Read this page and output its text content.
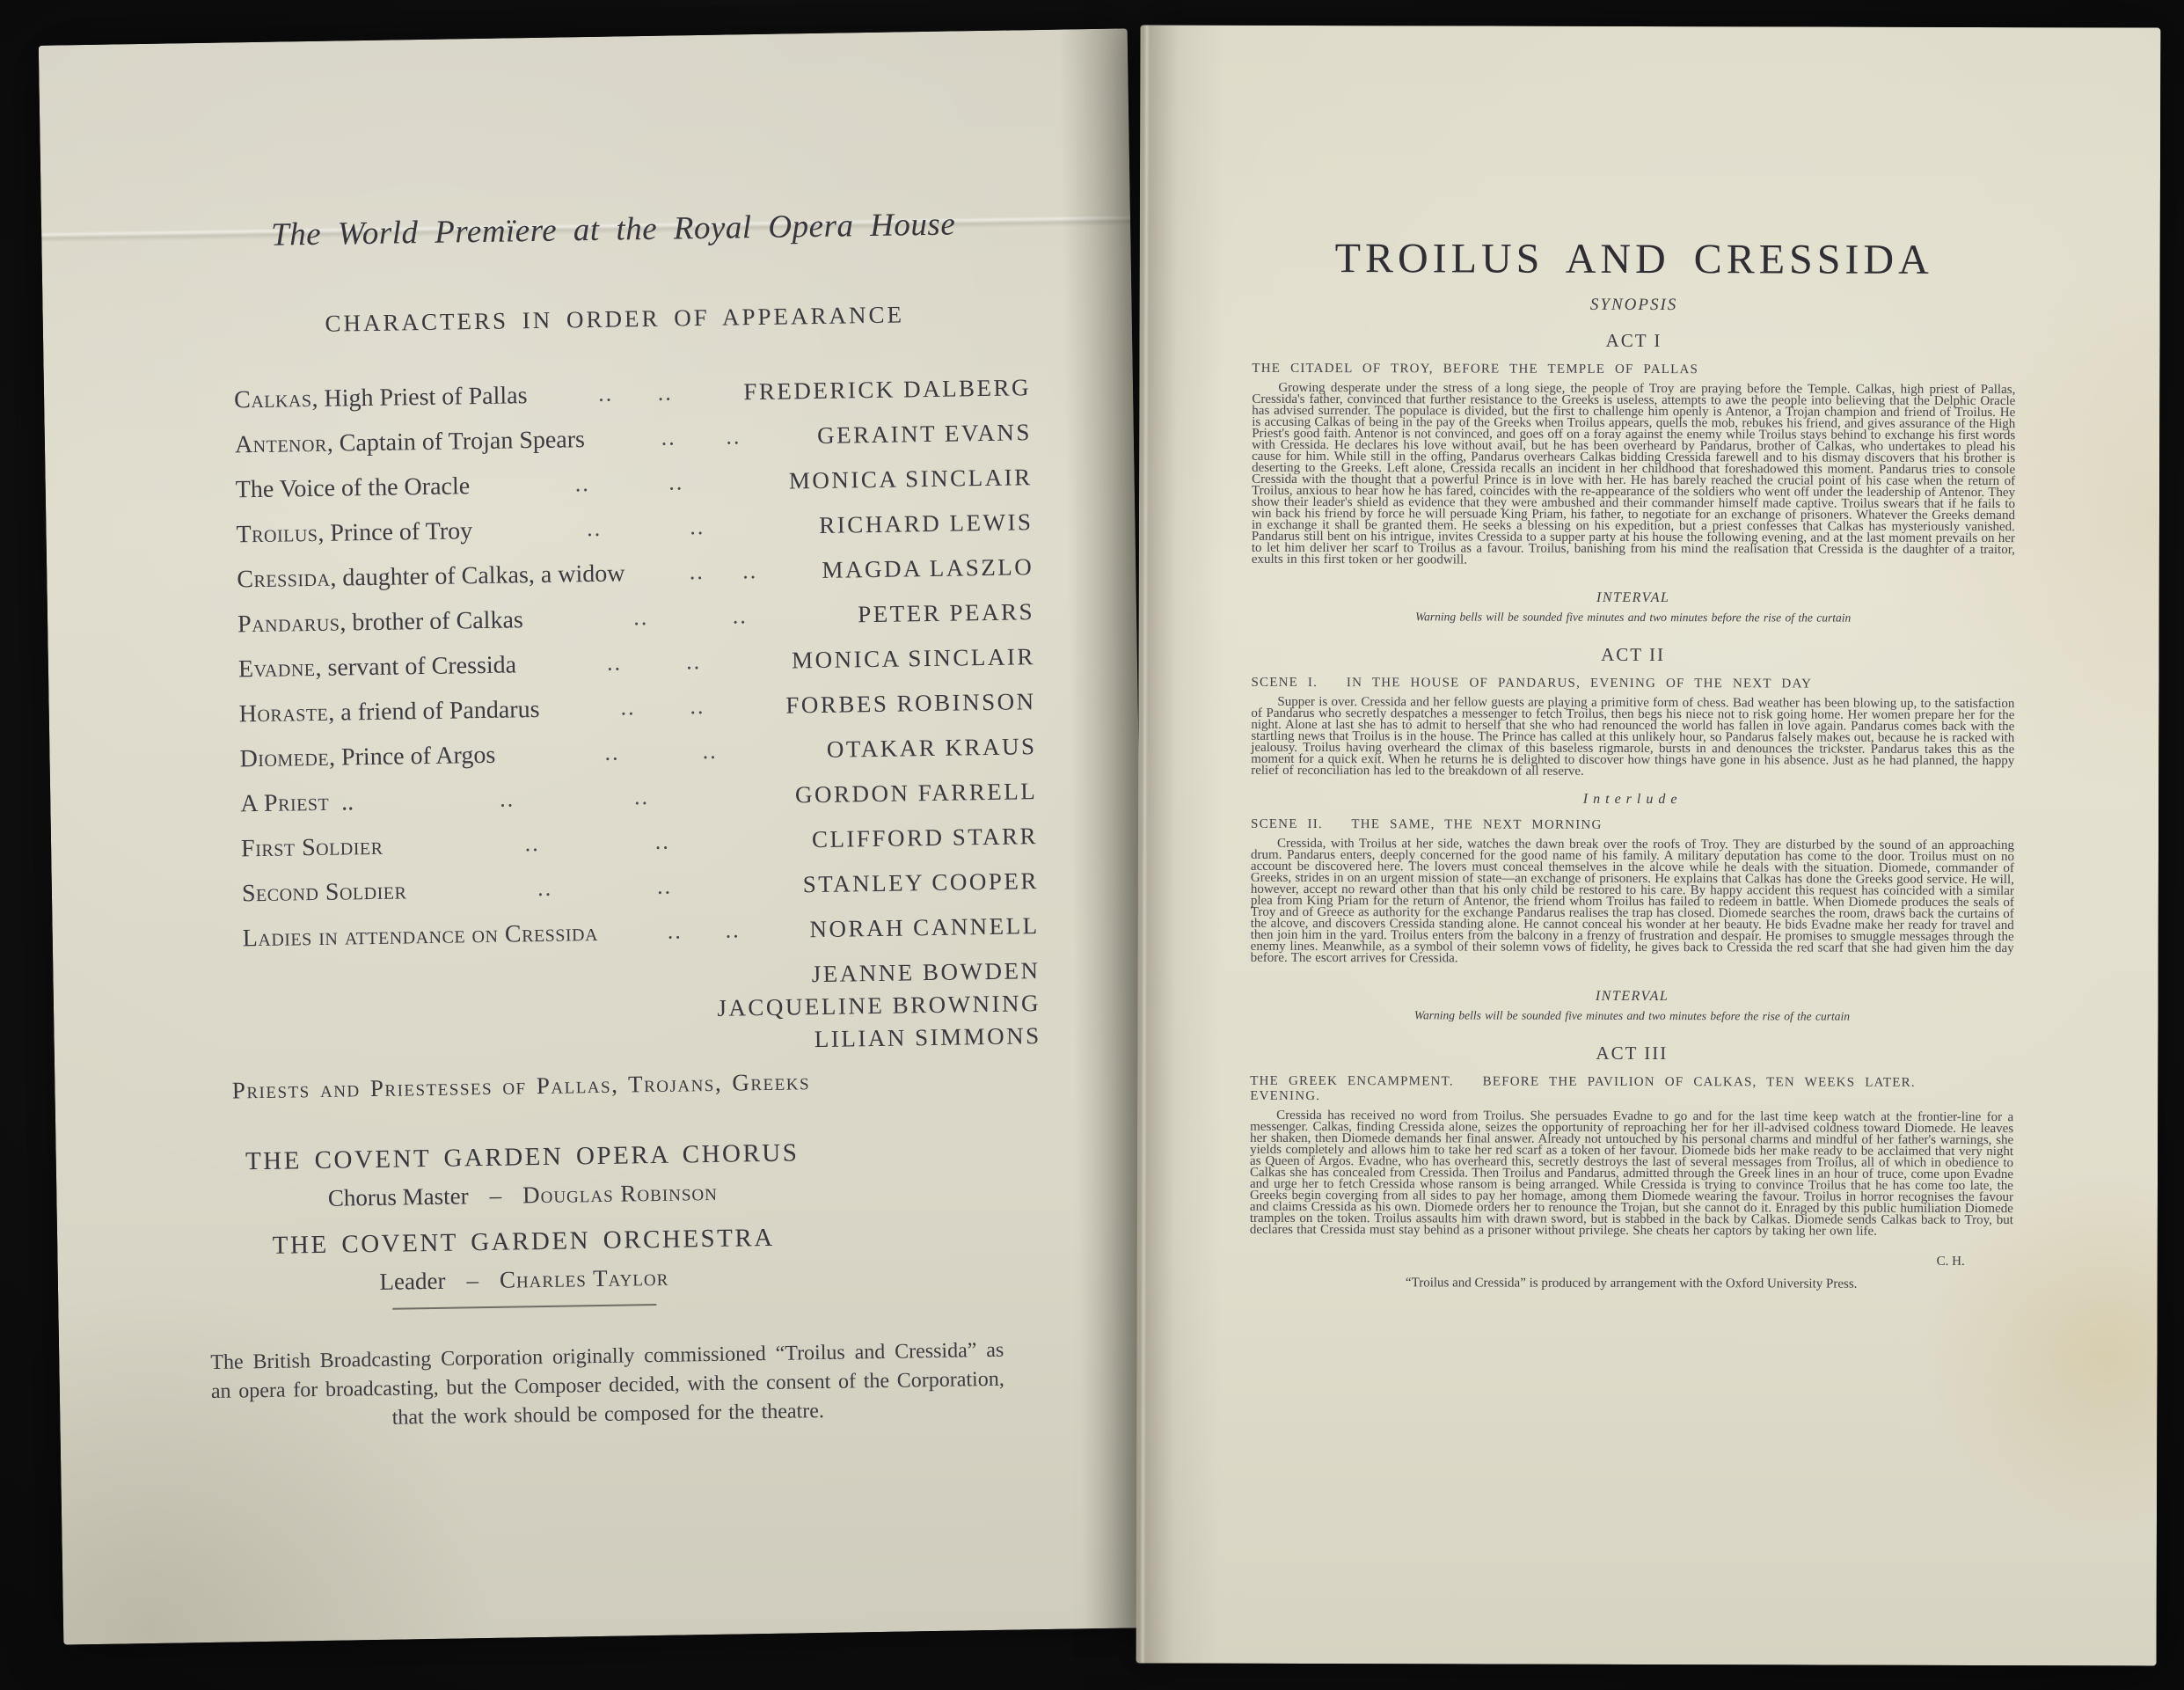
The World Premïere at the Royal Opera House
CHARACTERS IN ORDER OF APPEARANCE
Calkas, High Priest of Pallas	.. ..	FREDERICK DALBERG
Antenor, Captain of Trojan Spears	.. ..	GERAINT EVANS
The Voice of the Oracle	..	..	MONICA SINCLAIR
Troilus, Prince of Troy	..	..	RICHARD LEWIS
Cressida, daughter of Calkas, a widow	.. ..	MAGDA LASZLO
Pandarus, brother of Calkas	..	..	PETER PEARS
Evadne, servant of Cressida	..	..	MONICA SINCLAIR
Horaste, a friend of Pandarus	.. ..	FORBES ROBINSON
Diomede, Prince of Argos	..	..	OTAKAR KRAUS
A Priest  ..	..	..	GORDON FARRELL
First Soldier	..	..	CLIFFORD STARR
Second Soldier	..	..	STANLEY COOPER
Ladies in attendance on Cressida	.. ..	NORAH CANNELL
JEANNE BOWDEN
JACQUELINE BROWNING
LILIAN SIMMONS
Priests and Priestesses of Pallas, Trojans, Greeks
THE COVENT GARDEN OPERA CHORUS
Chorus Master – Douglas Robinson
THE COVENT GARDEN ORCHESTRA
Leader – Charles Taylor
The British Broadcasting Corporation originally commissioned “Troilus and Cressida” as an opera for broadcasting, but the Composer decided, with the consent of the Corporation, that the work should be composed for the theatre.
TROILUS AND CRESSIDA
SYNOPSIS
ACT I
THE CITADEL OF TROY, BEFORE THE TEMPLE OF PALLAS
Growing desperate under the stress of a long siege, the people of Troy are praying before the Temple. Calkas, high priest of Pallas, Cressida's father, convinced that further resistance to the Greeks is useless, attempts to awe the people into believing that the Delphic Oracle has advised surrender. The populace is divided, but the first to challenge him openly is Antenor, a Trojan champion and friend of Troilus. He is accusing Calkas of being in the pay of the Greeks when Troilus appears, quells the mob, rebukes his friend, and gives assurance of the High Priest's good faith. Antenor is not convinced, and goes off on a foray against the enemy while Troilus stays behind to exchange his first words with Cressida. He declares his love without avail, but he has been overheard by Pandarus, brother of Calkas, who undertakes to plead his cause for him. While still in the offing, Pandarus overhears Calkas bidding Cressida farewell and to his dismay discovers that his brother is deserting to the Greeks. Left alone, Cressida recalls an incident in her childhood that foreshadowed this moment. Pandarus tries to console Cressida with the thought that a powerful Prince is in love with her. He has barely reached the crucial point of his case when the return of Troilus, anxious to hear how he has fared, coincides with the re-appearance of the soldiers who went off under the leadership of Antenor. They show their leader's shield as evidence that they were ambushed and their commander himself made captive. Troilus swears that if he fails to win back his friend by force he will persuade King Priam, his father, to negotiate for an exchange of prisoners. Whatever the Greeks demand in exchange it shall be granted them. He seeks a blessing on his expedition, but a priest confesses that Calkas has mysteriously vanished. Pandarus still bent on his intrigue, invites Cressida to a supper party at his house the following evening, and at the last moment prevails on her to let him deliver her scarf to Troilus as a favour. Troilus, banishing from his mind the realisation that Cressida is the daughter of a traitor, exults in this first token or her goodwill.
INTERVAL
Warning bells will be sounded five minutes and two minutes before the rise of the curtain
ACT II
SCENE I.   IN THE HOUSE OF PANDARUS, EVENING OF THE NEXT DAY
Supper is over. Cressida and her fellow guests are playing a primitive form of chess. Bad weather has been blowing up, to the satisfaction of Pandarus who secretly despatches a messenger to fetch Troilus, then begs his niece not to risk going home. Her women prepare her for the night. Alone at last she has to admit to herself that she who had renounced the world has fallen in love again. Pandarus comes back with the startling news that Troilus is in the house. The Prince has called at this unlikely hour, so Pandarus falsely makes out, because he is racked with jealousy. Troilus having overheard the climax of this baseless rigmarole, bursts in and denounces the trickster. Pandarus takes this as the moment for a quick exit. When he returns he is delighted to discover how things have gone in his absence. Just as he had planned, the happy relief of reconciliation has led to the breakdown of all reserve.
Interlude
SCENE II.   THE SAME, THE NEXT MORNING
Cressida, with Troilus at her side, watches the dawn break over the roofs of Troy. They are disturbed by the sound of an approaching drum. Pandarus enters, deeply concerned for the good name of his family. A military deputation has come to the door. Troilus must on no account be discovered here. The lovers must conceal themselves in the alcove while he deals with the situation. Diomede, commander of Greeks, strides in on an urgent mission of state—an exchange of prisoners. He explains that Calkas has done the Greeks good service. He will, however, accept no reward other than that his only child be restored to his care. By happy accident this request has coincided with a similar plea from King Priam for the return of Antenor, the friend whom Troilus has failed to redeem in battle. When Diomede produces the seals of Troy and of Greece as authority for the exchange Pandarus realises the trap has closed. Diomede searches the room, draws back the curtains of the alcove, and discovers Cressida standing alone. He cannot conceal his wonder at her beauty. He bids Evadne make her ready for travel and then join him in the yard. Troilus enters from the balcony in a frenzy of frustration and despair. He promises to smuggle messages through the enemy lines. Meanwhile, as a symbol of their solemn vows of fidelity, he gives back to Cressida the red scarf that she had given him the day before. The escort arrives for Cressida.
INTERVAL
Warning bells will be sounded five minutes and two minutes before the rise of the curtain
ACT III
THE GREEK ENCAMPMENT.   BEFORE THE PAVILION OF CALKAS, TEN WEEKS LATER.   EVENING.
Cressida has received no word from Troilus. She persuades Evadne to go and for the last time keep watch at the frontier-line for a messenger. Calkas, finding Cressida alone, seizes the opportunity of reproaching her for her ill-advised coldness toward Diomede. He leaves her shaken, then Diomede demands her final answer. Already not untouched by his personal charms and mindful of her father's warnings, she yields completely and allows him to take her red scarf as a token of her favour. Diomede bids her make ready to be acclaimed that very night as Queen of Argos. Evadne, who has overheard this, secretly destroys the last of several messages from Troilus, all of which in obedience to Calkas she has concealed from Cressida. Then Troilus and Pandarus, admitted through the Greek lines in an hour of truce, come upon Evadne and urge her to fetch Cressida whose ransom is being arranged. While Cressida is trying to convince Troilus that he has come too late, the Greeks begin coverging from all sides to pay her homage, among them Diomede wearing the favour. Troilus in horror recognises the favour and claims Cressida as his own. Diomede orders her to renounce the Trojan, but she cannot do it. Enraged by this public humiliation Diomede tramples on the token. Troilus assaults him with drawn sword, but is stabbed in the back by Calkas. Diomede sends Calkas back to Troy, but declares that Cressida must stay behind as a prisoner without privilege. She cheats her captors by taking her own life.
C. H.
“Troilus and Cressida” is produced by arrangement with the Oxford University Press.
